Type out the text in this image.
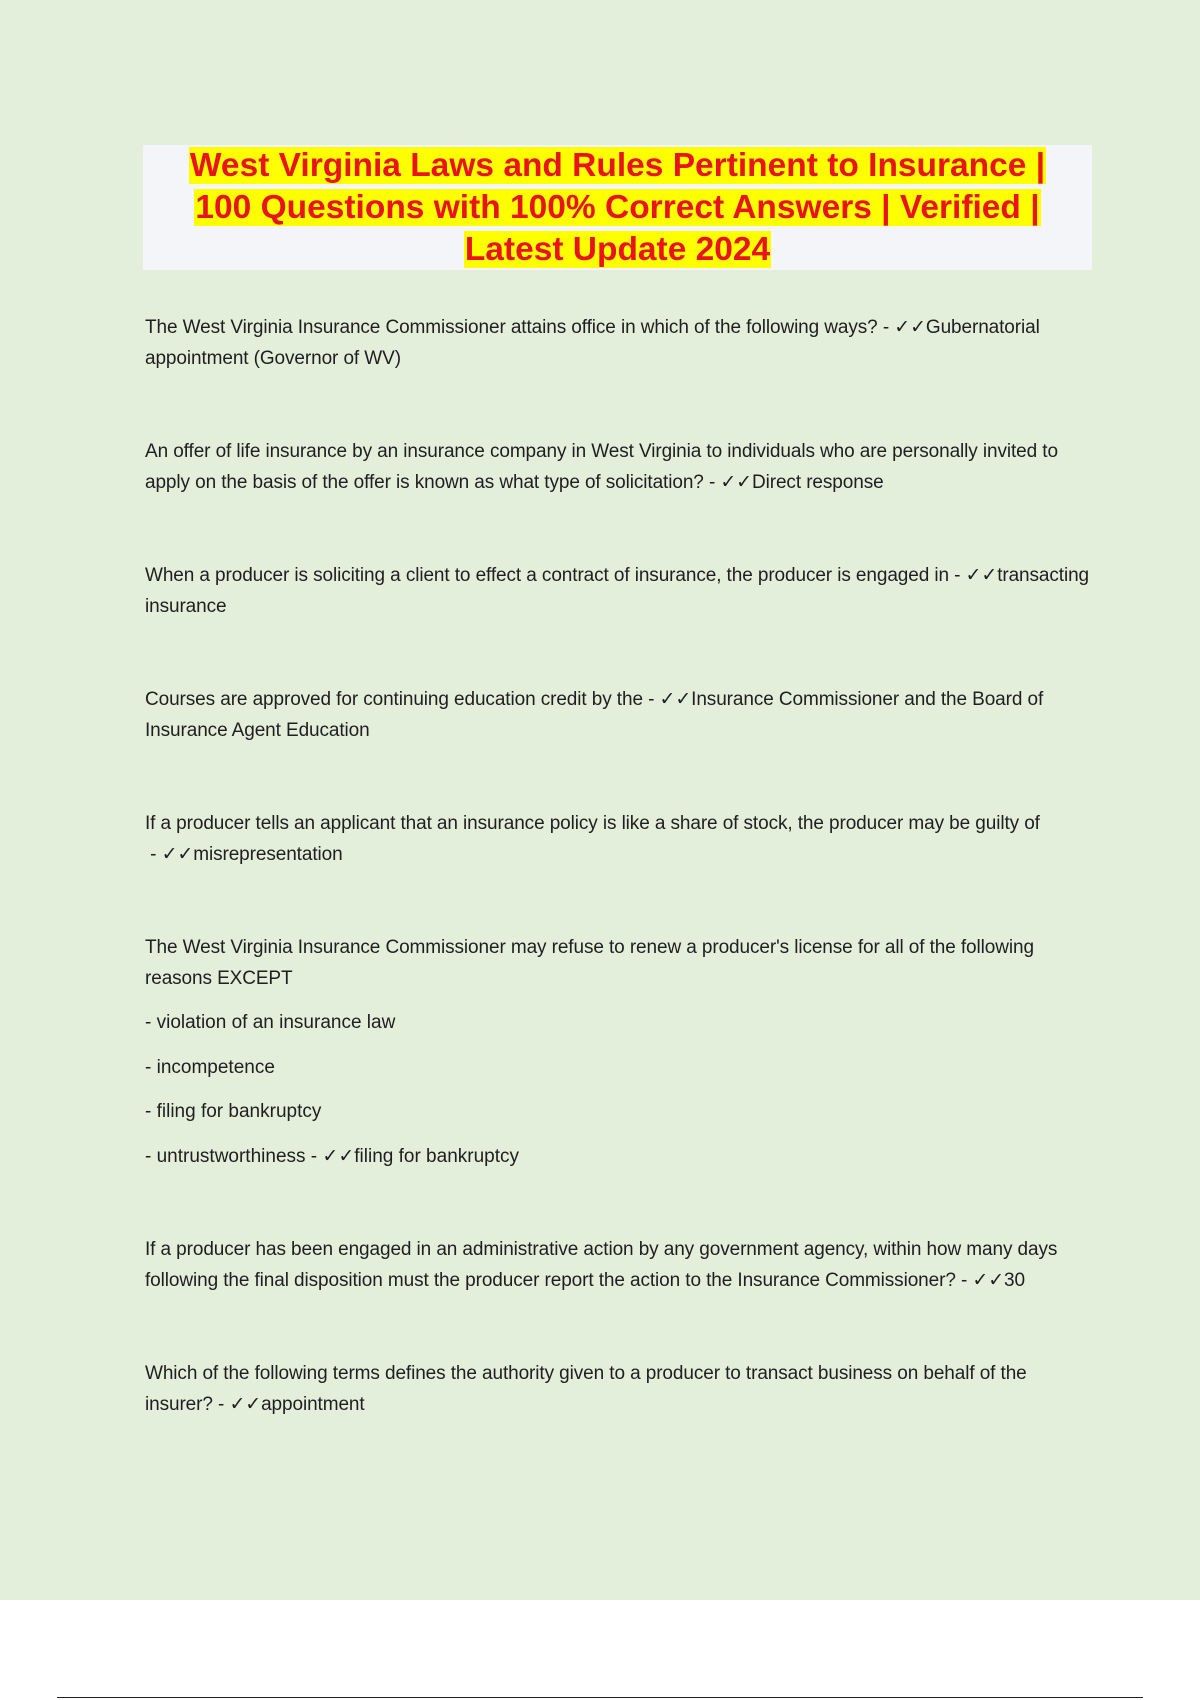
West Virginia Laws and Rules Pertinent to Insurance |
100 Questions with 100% Correct Answers | Verified |
Latest Update 2024
The West Virginia Insurance Commissioner attains office in which of the following ways? - ✓✓Gubernatorial appointment (Governor of WV)
An offer of life insurance by an insurance company in West Virginia to individuals who are personally invited to apply on the basis of the offer is known as what type of solicitation? - ✓✓Direct response
When a producer is soliciting a client to effect a contract of insurance, the producer is engaged in - ✓✓transacting insurance
Courses are approved for continuing education credit by the - ✓✓Insurance Commissioner and the Board of Insurance Agent Education
If a producer tells an applicant that an insurance policy is like a share of stock, the producer may be guilty of - ✓✓misrepresentation
The West Virginia Insurance Commissioner may refuse to renew a producer's license for all of the following reasons EXCEPT
- violation of an insurance law
- incompetence
- filing for bankruptcy
- untrustworthiness - ✓✓filing for bankruptcy
If a producer has been engaged in an administrative action by any government agency, within how many days following the final disposition must the producer report the action to the Insurance Commissioner? - ✓✓30
Which of the following terms defines the authority given to a producer to transact business on behalf of the insurer? - ✓✓appointment
